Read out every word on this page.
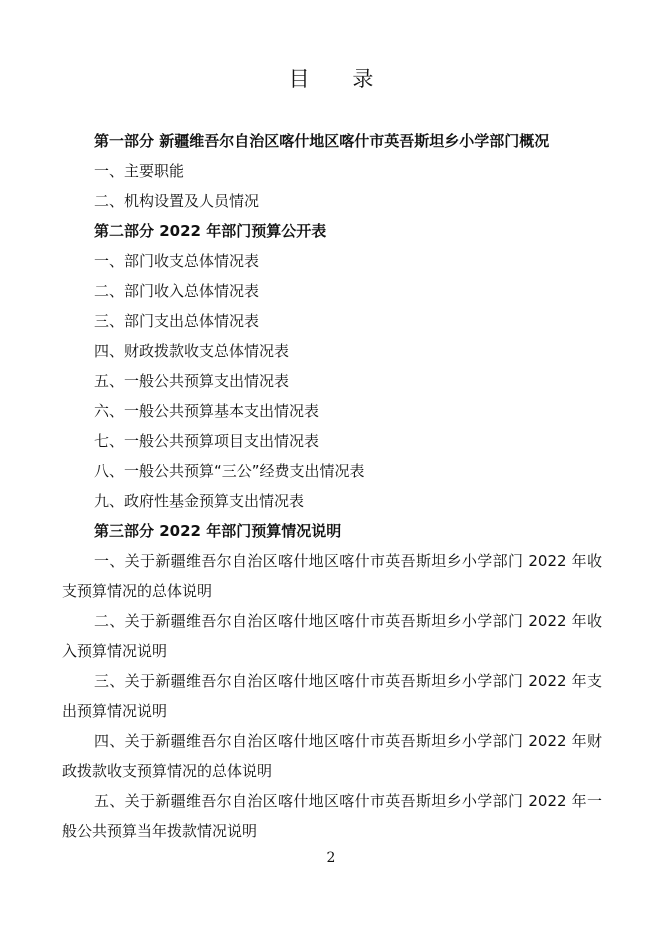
目 录
第一部分 新疆维吾尔自治区喀什地区喀什市英吾斯坦乡小学部门概况
一、主要职能
二、机构设置及人员情况
第二部分 2022 年部门预算公开表
一、部门收支总体情况表
二、部门收入总体情况表
三、部门支出总体情况表
四、财政拨款收支总体情况表
五、一般公共预算支出情况表
六、一般公共预算基本支出情况表
七、一般公共预算项目支出情况表
八、一般公共预算“三公”经费支出情况表
九、政府性基金预算支出情况表
第三部分 2022 年部门预算情况说明
一、关于新疆维吾尔自治区喀什地区喀什市英吾斯坦乡小学部门 2022 年收支预算情况的总体说明
二、关于新疆维吾尔自治区喀什地区喀什市英吾斯坦乡小学部门 2022 年收入预算情况说明
三、关于新疆维吾尔自治区喀什地区喀什市英吾斯坦乡小学部门 2022 年支出预算情况说明
四、关于新疆维吾尔自治区喀什地区喀什市英吾斯坦乡小学部门 2022 年财政拨款收支预算情况的总体说明
五、关于新疆维吾尔自治区喀什地区喀什市英吾斯坦乡小学部门 2022 年一般公共预算当年拨款情况说明
2
